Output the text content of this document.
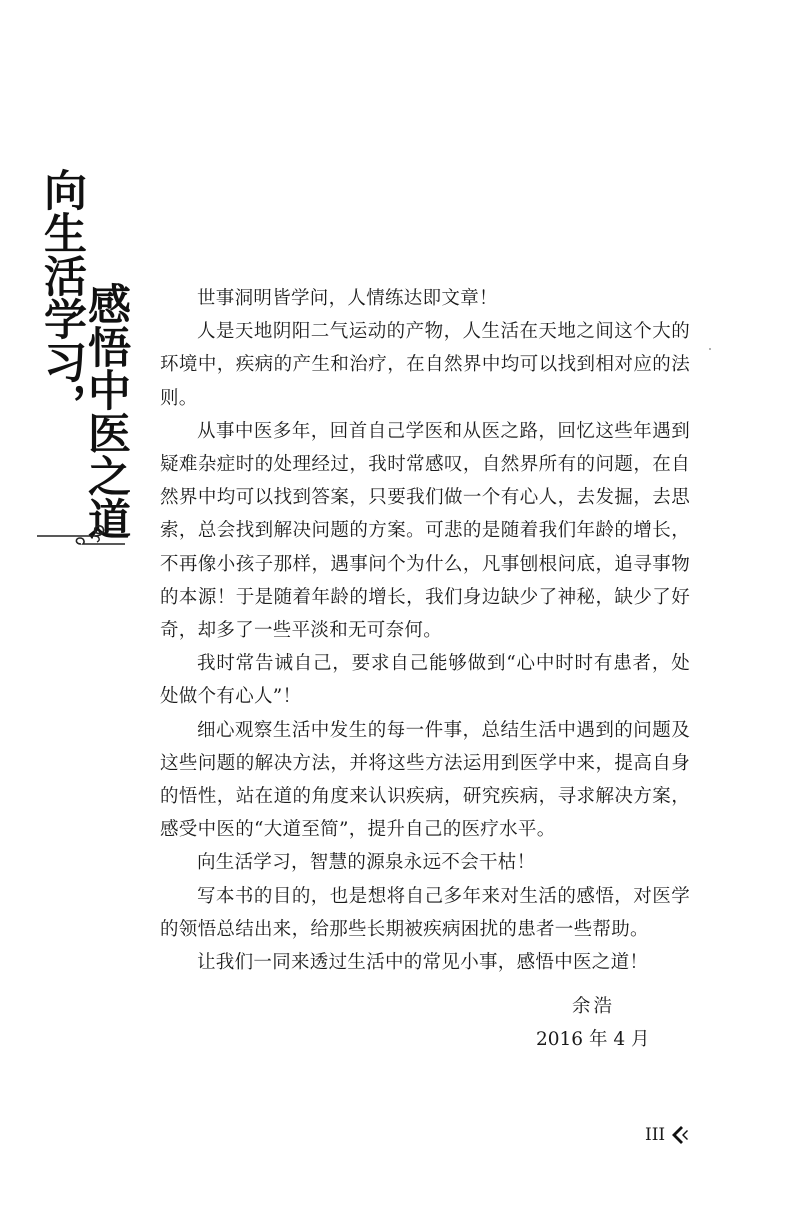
向生活学习，
感悟中医之道	世事洞明皆学问，人情练达即文章！

人是天地阴阳二气运动的产物，人生活在天地之间这个大的环境中，疾病的产生和治疗，在自然界中均可以找到相对应的法则。

从事中医多年，回首自己学医和从医之路，回忆这些年遇到疑难杂症时的处理经过，我时常感叹，自然界所有的问题，在自然界中均可以找到答案，只要我们做一个有心人，去发掘，去思索，总会找到解决问题的方案。可悲的是随着我们年龄的增长，不再像小孩子那样，遇事问个为什么，凡事刨根问底，追寻事物的本源！于是随着年龄的增长，我们身边缺少了神秘，缺少了好奇，却多了一些平淡和无可奈何。

我时常告诫自己，要求自己能够做到“心中时时有患者，处处做个有心人”！

细心观察生活中发生的每一件事，总结生活中遇到的问题及这些问题的解决方法，并将这些方法运用到医学中来，提高自身的悟性，站在道的角度来认识疾病，研究疾病，寻求解决方案，感受中医的“大道至简”，提升自己的医疗水平。

向生活学习，智慧的源泉永远不会干枯！

写本书的目的，也是想将自己多年来对生活的感悟，对医学的领悟总结出来，给那些长期被疾病困扰的患者一些帮助。

让我们一同来透过生活中的常见小事，感悟中医之道！

余浩
2016 年 4 月
III
